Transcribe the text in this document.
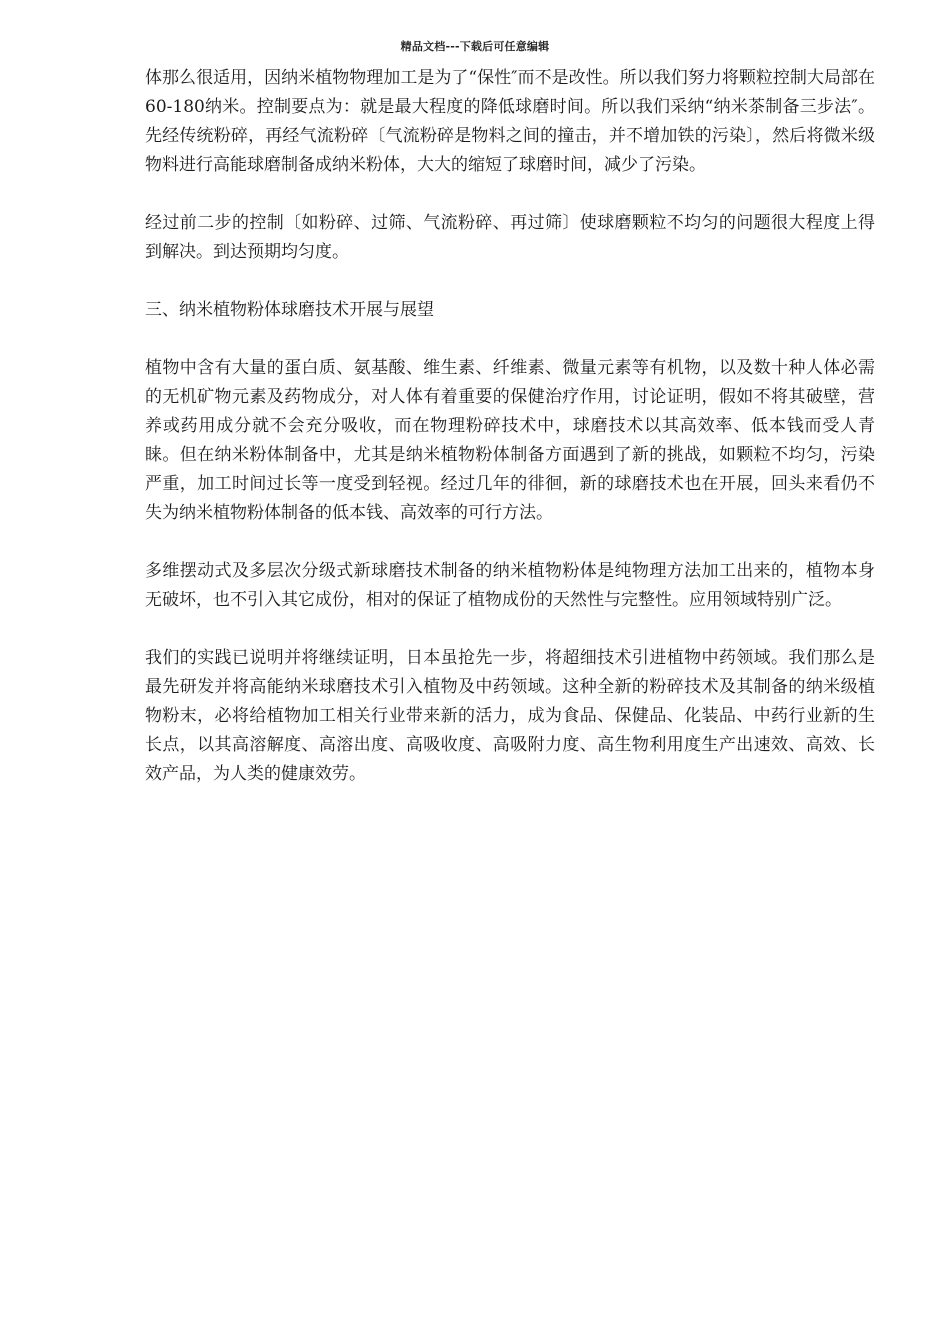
精品文档---下载后可任意编辑

体那么很适用，因纳米植物物理加工是为了“保性″而不是改性。所以我们努力将颗粒控制大局部在60-180纳米。控制要点为：就是最大程度的降低球磨时间。所以我们采纳“纳米茶制备三步法″。先经传统粉碎，再经气流粉碎〔气流粉碎是物料之间的撞击，并不增加铁的污染〕，然后将微米级物料进行高能球磨制备成纳米粉体，大大的缩短了球磨时间，减少了污染。

经过前二步的控制〔如粉碎、过筛、气流粉碎、再过筛〕使球磨颗粒不均匀的问题很大程度上得到解决。到达预期均匀度。

三、纳米植物粉体球磨技术开展与展望

植物中含有大量的蛋白质、氨基酸、维生素、纤维素、微量元素等有机物，以及数十种人体必需的无机矿物元素及药物成分，对人体有着重要的保健治疗作用，讨论证明，假如不将其破壁，营养或药用成分就不会充分吸收，而在物理粉碎技术中，球磨技术以其高效率、低本钱而受人青睐。但在纳米粉体制备中，尤其是纳米植物粉体制备方面遇到了新的挑战，如颗粒不均匀，污染严重，加工时间过长等一度受到轻视。经过几年的徘徊，新的球磨技术也在开展，回头来看仍不失为纳米植物粉体制备的低本钱、高效率的可行方法。

多维摆动式及多层次分级式新球磨技术制备的纳米植物粉体是纯物理方法加工出来的，植物本身无破坏，也不引入其它成份，相对的保证了植物成份的天然性与完整性。应用领域特别广泛。

我们的实践已说明并将继续证明，日本虽抢先一步，将超细技术引进植物中药领域。我们那么是最先研发并将高能纳米球磨技术引入植物及中药领域。这种全新的粉碎技术及其制备的纳米级植物粉末，必将给植物加工相关行业带来新的活力，成为食品、保健品、化装品、中药行业新的生长点，以其高溶解度、高溶出度、高吸收度、高吸附力度、高生物利用度生产出速效、高效、长效产品，为人类的健康效劳。
